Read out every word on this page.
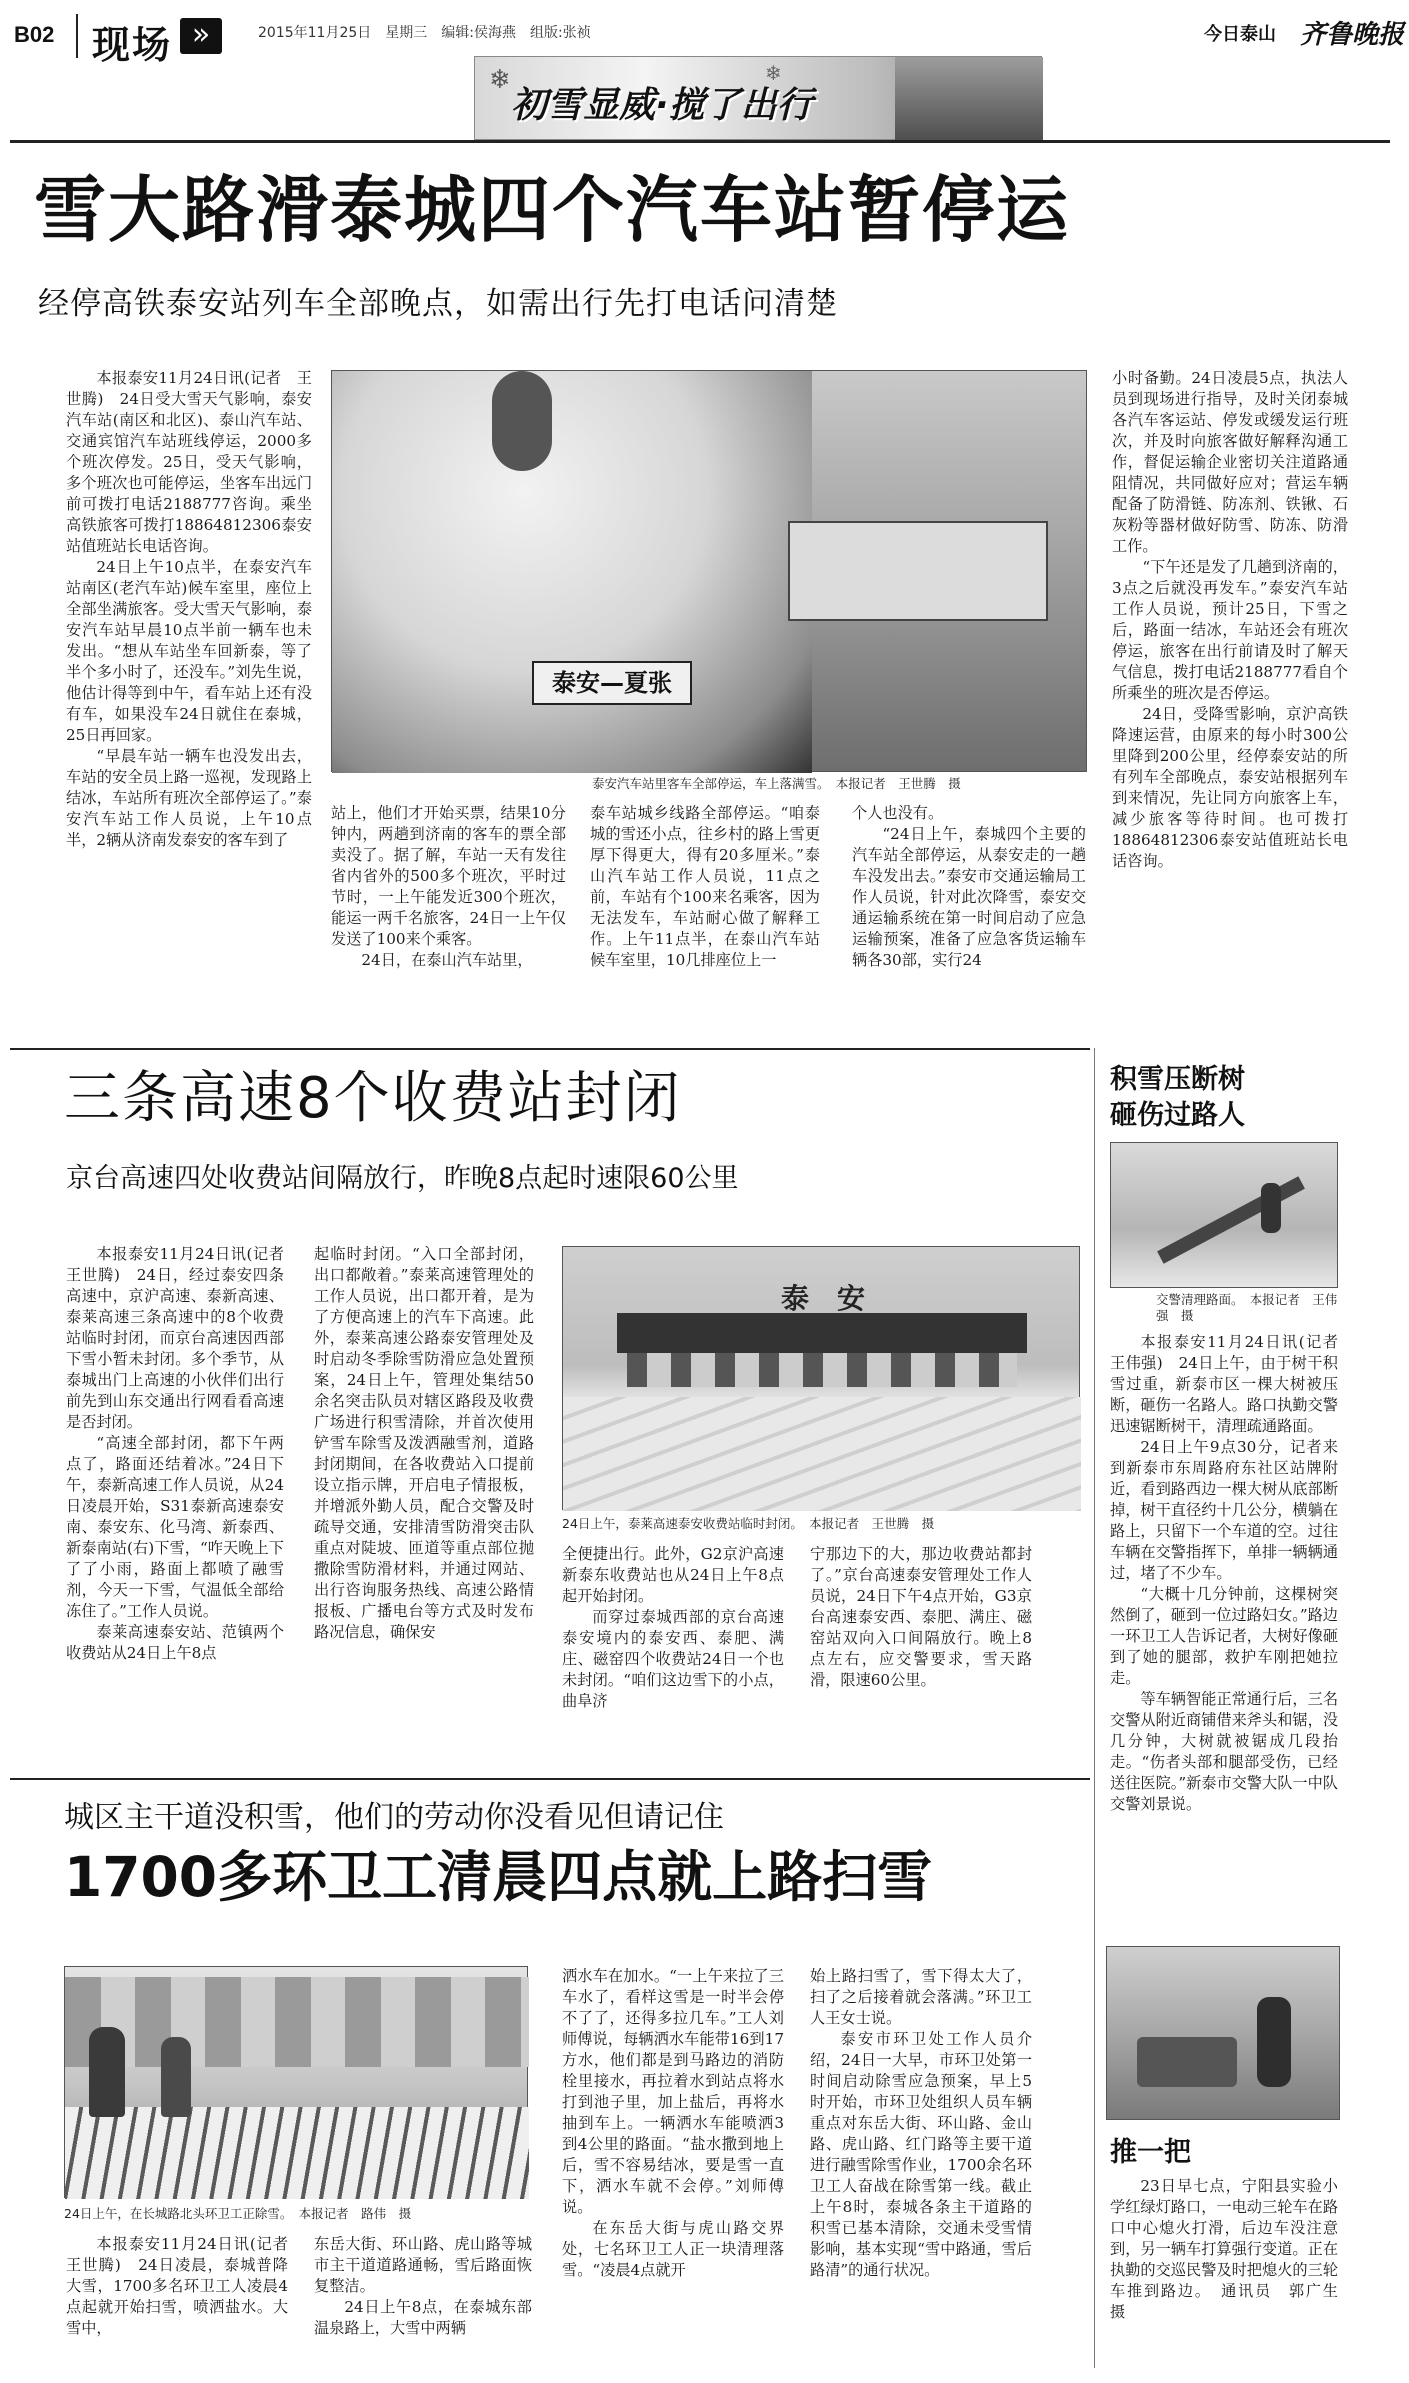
B02 现场 »	2015年11月25日　星期三　编辑:侯海燕　组版:张祯	今日泰山 齐鲁晚报
❄	❄
初雪显威·搅了出行
雪大路滑泰城四个汽车站暂停运
经停高铁泰安站列车全部晚点，如需出行先打电话问清楚

本报泰安11月24日讯(记者　王世腾)　24日受大雪天气影响，泰安汽车站(南区和北区)、泰山汽车站、交通宾馆汽车站班线停运，2000多个班次停发。25日，受天气影响，多个班次也可能停运，坐客车出远门前可拨打电话2188777咨询。乘坐高铁旅客可拨打18864812306泰安站值班站长电话咨询。

24日上午10点半，在泰安汽车站南区(老汽车站)候车室里，座位上全部坐满旅客。受大雪天气影响，泰安汽车站早晨10点半前一辆车也未发出。“想从车站坐车回新泰，等了半个多小时了，还没车。”刘先生说，他估计得等到中午，看车站上还有没有车，如果没车24日就住在泰城，25日再回家。

“早晨车站一辆车也没发出去，车站的安全员上路一巡视，发现路上结冰，车站所有班次全部停运了。”泰安汽车站工作人员说，上午10点半，2辆从济南发泰安的客车到了

泰安—夏张
泰安汽车站里客车全部停运，车上落满雪。　本报记者　王世腾　摄

站上，他们才开始买票，结果10分钟内，两趟到济南的客车的票全部卖没了。据了解，车站一天有发往省内省外的500多个班次，平时过节时，一上午能发近300个班次，能运一两千名旅客，24日一上午仅发送了100来个乘客。

24日，在泰山汽车站里，

泰车站城乡线路全部停运。“咱泰城的雪还小点，往乡村的路上雪更厚下得更大，得有20多厘米。”泰山汽车站工作人员说，11点之前，车站有个100来名乘客，因为无法发车，车站耐心做了解释工作。上午11点半，在泰山汽车站候车室里，10几排座位上一

个人也没有。

“24日上午，泰城四个主要的汽车站全部停运，从泰安走的一趟车没发出去。”泰安市交通运输局工作人员说，针对此次降雪，泰安交通运输系统在第一时间启动了应急运输预案，准备了应急客货运输车辆各30部，实行24

小时备勤。24日凌晨5点，执法人员到现场进行指导，及时关闭泰城各汽车客运站、停发或缓发运行班次，并及时向旅客做好解释沟通工作，督促运输企业密切关注道路通阻情况，共同做好应对；营运车辆配备了防滑链、防冻剂、铁锹、石灰粉等器材做好防雪、防冻、防滑工作。

“下午还是发了几趟到济南的，3点之后就没再发车。”泰安汽车站工作人员说，预计25日，下雪之后，路面一结冰，车站还会有班次停运，旅客在出行前请及时了解天气信息，拨打电话2188777看自个所乘坐的班次是否停运。

24日，受降雪影响，京沪高铁降速运营，由原来的每小时300公里降到200公里，经停泰安站的所有列车全部晚点，泰安站根据列车到来情况，先让同方向旅客上车，减少旅客等待时间。也可拨打18864812306泰安站值班站长电话咨询。

三条高速8个收费站封闭
京台高速四处收费站间隔放行，昨晚8点起时速限60公里

本报泰安11月24日讯(记者　王世腾)　24日，经过泰安四条高速中，京沪高速、泰新高速、泰莱高速三条高速中的8个收费站临时封闭，而京台高速因西部下雪小暂未封闭。多个季节，从泰城出门上高速的小伙伴们出行前先到山东交通出行网看看高速是否封闭。

“高速全部封闭，都下午两点了，路面还结着冰。”24日下午，泰新高速工作人员说，从24日凌晨开始，S31泰新高速泰安南、泰安东、化马湾、新泰西、新泰南站(右)下雪，“咋天晚上下了了小雨，路面上都喷了融雪剂，今天一下雪，气温低全部给冻住了。”工作人员说。

泰莱高速泰安站、范镇两个收费站从24日上午8点

起临时封闭。“入口全部封闭，出口都敞着。”泰莱高速管理处的工作人员说，出口都开着，是为了方便高速上的汽车下高速。此外，泰莱高速公路泰安管理处及时启动冬季除雪防滑应急处置预案，24日上午，管理处集结50余名突击队员对辖区路段及收费广场进行积雪清除，并首次使用铲雪车除雪及泼洒融雪剂，道路封闭期间，在各收费站入口提前设立指示牌，开启电子情报板，并增派外勤人员，配合交警及时疏导交通，安排清雪防滑突击队重点对陡坡、匝道等重点部位抛撒除雪防滑材料，并通过网站、出行咨询服务热线、高速公路情报板、广播电台等方式及时发布路况信息，确保安

泰　安
24日上午，泰莱高速泰安收费站临时封闭。　本报记者　王世腾　摄

全便捷出行。此外，G2京沪高速新泰东收费站也从24日上午8点起开始封闭。

而穿过泰城西部的京台高速泰安境内的泰安西、泰肥、满庄、磁窑四个收费站24日一个也未封闭。“咱们这边雪下的小点，曲阜济

宁那边下的大，那边收费站都封了。”京台高速泰安管理处工作人员说，24日下午4点开始，G3京台高速泰安西、泰肥、满庄、磁窑站双向入口间隔放行。晚上8点左右，应交警要求，雪天路滑，限速60公里。

城区主干道没积雪，他们的劳动你没看见但请记住
1700多环卫工清晨四点就上路扫雪
24日上午，在长城路北头环卫工正除雪。　本报记者　路伟　摄

本报泰安11月24日讯(记者　王世腾)　24日凌晨，泰城普降大雪，1700多名环卫工人凌晨4点起就开始扫雪，喷洒盐水。大雪中，

东岳大街、环山路、虎山路等城市主干道道路通畅，雪后路面恢复整洁。

24日上午8点，在泰城东部温泉路上，大雪中两辆

洒水车在加水。“一上午来拉了三车水了，看样这雪是一时半会停不了了，还得多拉几车。”工人刘师傅说，每辆洒水车能带16到17方水，他们都是到马路边的消防栓里接水，再拉着水到站点将水打到池子里，加上盐后，再将水抽到车上。一辆洒水车能喷洒3到4公里的路面。“盐水撒到地上后，雪不容易结冰，要是雪一直下，洒水车就不会停。”刘师傅说。

在东岳大街与虎山路交界处，七名环卫工人正一块清理落雪。“凌晨4点就开

始上路扫雪了，雪下得太大了，扫了之后接着就会落满。”环卫工人王女士说。

泰安市环卫处工作人员介绍，24日一大早，市环卫处第一时间启动除雪应急预案，早上5时开始，市环卫处组织人员车辆重点对东岳大街、环山路、金山路、虎山路、红门路等主要干道进行融雪除雪作业，1700余名环卫工人奋战在除雪第一线。截止上午8时，泰城各条主干道路的积雪已基本清除，交通未受雪情影响，基本实现“雪中路通，雪后路清”的通行状况。

积雪压断树砸伤过路人
交警清理路面。　本报记者　王伟强　摄

本报泰安11月24日讯(记者　王伟强)　24日上午，由于树干积雪过重，新泰市区一棵大树被压断，砸伤一名路人。路口执勤交警迅速锯断树干，清理疏通路面。

24日上午9点30分，记者来到新泰市东周路府东社区站牌附近，看到路西边一棵大树从底部断掉，树干直径约十几公分，横躺在路上，只留下一个车道的空。过往车辆在交警指挥下，单排一辆辆通过，堵了不少车。

“大概十几分钟前，这棵树突然倒了，砸到一位过路妇女。”路边一环卫工人告诉记者，大树好像砸到了她的腿部，救护车刚把她拉走。

等车辆智能正常通行后，三名交警从附近商铺借来斧头和锯，没几分钟，大树就被锯成几段抬走。“伤者头部和腿部受伤，已经送往医院。”新泰市交警大队一中队交警刘景说。

推一把

23日早七点，宁阳县实验小学红绿灯路口，一电动三轮车在路口中心熄火打滑，后边车没注意到，另一辆车打算强行变道。正在执勤的交巡民警及时把熄火的三轮车推到路边。　通讯员　郭广生　摄
